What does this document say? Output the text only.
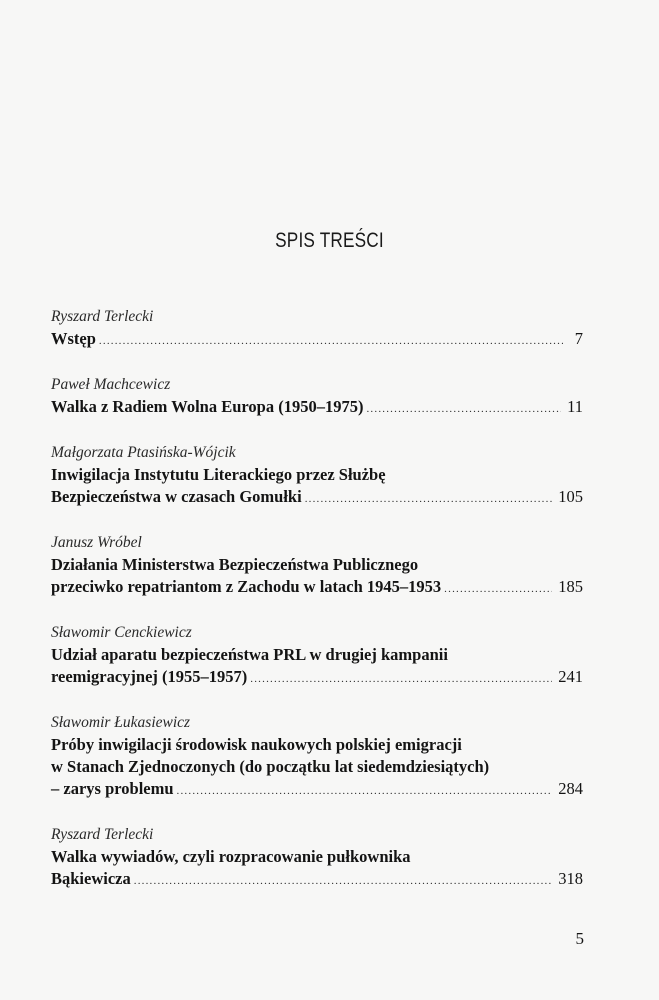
SPIS TREŚCI
Ryszard Terlecki
Wstęp .....	7
Paweł Machcewicz
Walka z Radiem Wolna Europa (1950–1975) .....	11
Małgorzata Ptasińska-Wójcik
Inwigilacja Instytutu Literackiego przez Służbę
Bezpieczeństwa w czasach Gomułki .....	105
Janusz Wróbel
Działania Ministerstwa Bezpieczeństwa Publicznego
przeciwko repatriantom z Zachodu w latach 1945–1953 .....	185
Sławomir Cenckiewicz
Udział aparatu bezpieczeństwa PRL w drugiej kampanii
reemigracyjnej (1955–1957) .....	241
Sławomir Łukasiewicz
Próby inwigilacji środowisk naukowych polskiej emigracji
w Stanach Zjednoczonych (do początku lat siedemdziesiątych)
– zarys problemu .....	284
Ryszard Terlecki
Walka wywiadów, czyli rozpracowanie pułkownika
Bąkiewicza .....	318
5
